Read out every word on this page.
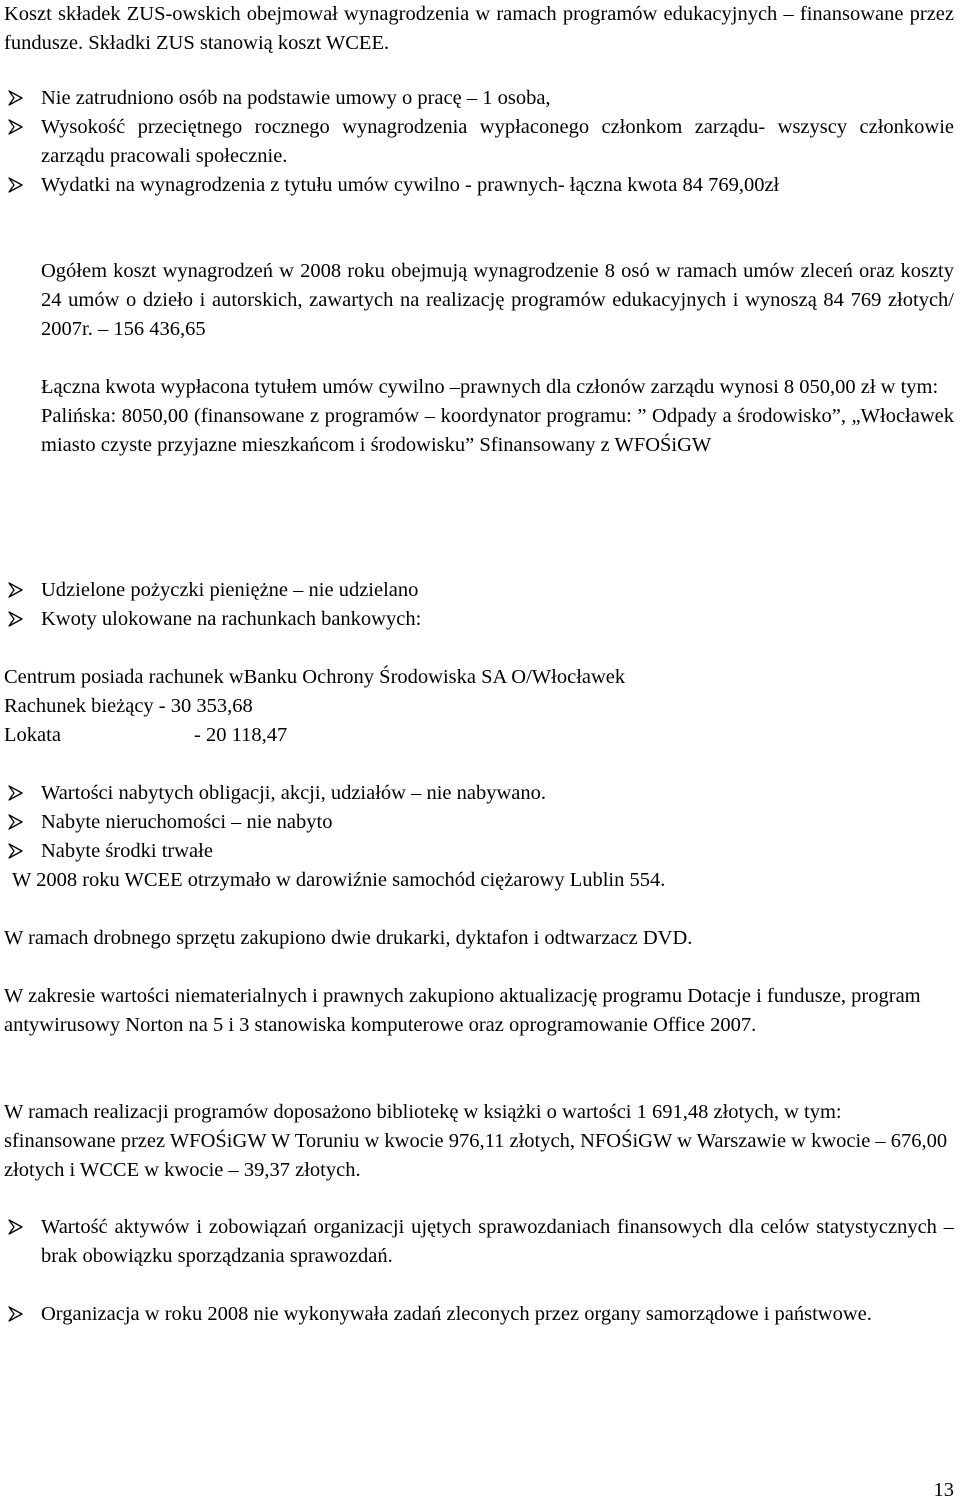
Koszt składek ZUS-owskich obejmował wynagrodzenia w ramach programów edukacyjnych – finansowane przez fundusze. Składki ZUS stanowią koszt WCEE.

Nie zatrudniono osób na podstawie umowy o pracę – 1 osoba,
Wysokość przeciętnego rocznego wynagrodzenia wypłaconego członkom zarządu- wszyscy członkowie zarządu pracowali społecznie.
Wydatki na wynagrodzenia z tytułu umów cywilno - prawnych- łączna kwota 84 769,00zł

Ogółem koszt wynagrodzeń w 2008 roku obejmują wynagrodzenie 8 osó w ramach umów zleceń oraz koszty 24 umów o dzieło i autorskich, zawartych na realizację programów edukacyjnych i wynoszą 84 769 złotych/ 2007r. – 156 436,65

Łączna kwota wypłacona tytułem umów cywilno –prawnych dla członów zarządu wynosi 8 050,00 zł w tym:

Palińska: 8050,00 (finansowane z programów – koordynator programu: ” Odpady a środowisko”, „Włocławek miasto czyste przyjazne mieszkańcom i środowisku” Sfinansowany z WFOŚiGW

Udzielone pożyczki pieniężne – nie udzielano
Kwoty ulokowane na rachunkach bankowych:

Centrum posiada rachunek wBanku Ochrony Środowiska SA O/Włocławek

Rachunek bieżący - 30 353,68

Lokata	- 20 118,47

Wartości nabytych obligacji, akcji, udziałów – nie nabywano.
Nabyte nieruchomości – nie nabyto
Nabyte środki trwałe

W 2008 roku WCEE otrzymało w darowiźnie samochód ciężarowy Lublin 554.

W ramach drobnego sprzętu zakupiono dwie drukarki, dyktafon i odtwarzacz DVD.

W zakresie wartości niematerialnych i prawnych zakupiono aktualizację programu Dotacje i fundusze, program antywirusowy Norton na 5 i 3 stanowiska komputerowe oraz oprogramowanie Office 2007.

W ramach realizacji programów doposażono bibliotekę w książki o wartości 1 691,48 złotych, w tym: sfinansowane przez WFOŚiGW W Toruniu w kwocie 976,11 złotych, NFOŚiGW w Warszawie w kwocie – 676,00 złotych i WCCE w kwocie – 39,37 złotych.

Wartość aktywów i zobowiązań organizacji ujętych sprawozdaniach finansowych dla celów statystycznych – brak obowiązku sporządzania sprawozdań.
Organizacja w roku 2008 nie wykonywała zadań zleconych przez organy samorządowe i państwowe.
13
